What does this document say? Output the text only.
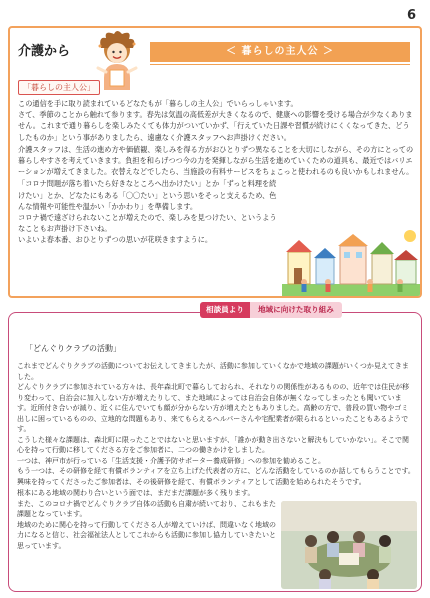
6
介護から	＜ 暮らしの主人公 ＞
「暮らしの主人公」

この通信を手に取り読まれているどなたもが「暮らしの主人公」でいらっしゃいます。
さて、季節のことから触れて参ります。春先は気温の高低差が大きくなるので、健康への影響を受ける場合が少なくありません。これまで通り暮らしを楽しみたくても体力がついていかず、「行えていた日課や習慣が続けにくくなってきた、どうしたものか」という事がありましたら、遠慮なく介護スタッフへお声掛けください。

介護スタッフは、生活の進め方や価値観、楽しみを得る方がおひとりずつ異なることを大切にしながら、その方にとっての暮らしやすさを考えていきます。負担を和らげつつ今の力を発揮しながら生活を進めていくための道具も、最近ではバリエーションが増えてきました。衣替えなどでしたら、当施設の有料サービスをちょこっと使われるのも良いかもしれません。

「コロナ問題が落ち着いたら好きなところへ出かけたい」とか「ずっと料理を続けたい」とか、どなたにもある「〇〇たい」という思いをそっと支えるため、色んな情報や可能性や温かい「かかわり」を準備します。
コロナ禍で遠ざけられないことが増えたので、楽しみを見つけたい、というようなこともお声掛け下さいね。
いよいよ春本番、おひとりずつの思いが花咲きますように。

相談員より	地域に向けた取り組み
「どんぐりクラブの活動」

これまでどんぐりクラブの活動についてお伝えしてきましたが、活動に参加していくなかで地域の課題がいくつか見えてきました。
どんぐりクラブに参加されている方々は、長年森北町で暮らしておられ、それなりの関係性があるものの、近年では住民が移り変わって、自治会に加入しない方が増えたりして、また地域によっては自治会自体が無くなってしまったとも聞いています。近所付き合いが減り、近くに住んでいても顔が分からない方が増えたともありました。高齢の方で、普段の買い物やゴミ出しに困っているものの、立地的な問題もあり、来てもらえるヘルパーさんや宅配業者が限られるといったこともあるようです。
こうした様々な課題は、森北町に限ったことではないと思いますが、「誰かが動き出さないと解決もしていかない」。そこで関心を持って行動に移してくださる方をご参加者に、二つの働きかけをしました。
一つは、神戸市が行っている「生活支援・介護予防サポーター養成研修」への参加を勧めること。
もう一つは、その研修を経て有償ボランティアを立ち上げた代表者の方に、どんな活動をしているのか話してもらうことです。興味を持ってくださったご参加者は、その後研修を経て、有償ボランティアとして活動を始められたそうです。

根本にある地域の関わり合いという面では、まだまだ課題が多く残ります。
また、このコロナ禍でどんぐりクラブ自体の活動も自粛が続いており、これもまた課題となっています。
地域のために関心を持って行動してくださる人が増えていけば、問違いなく地域の力になると信じ、社会福祉法人としてこれからも活動に参加し協力していきたいと思っています。
